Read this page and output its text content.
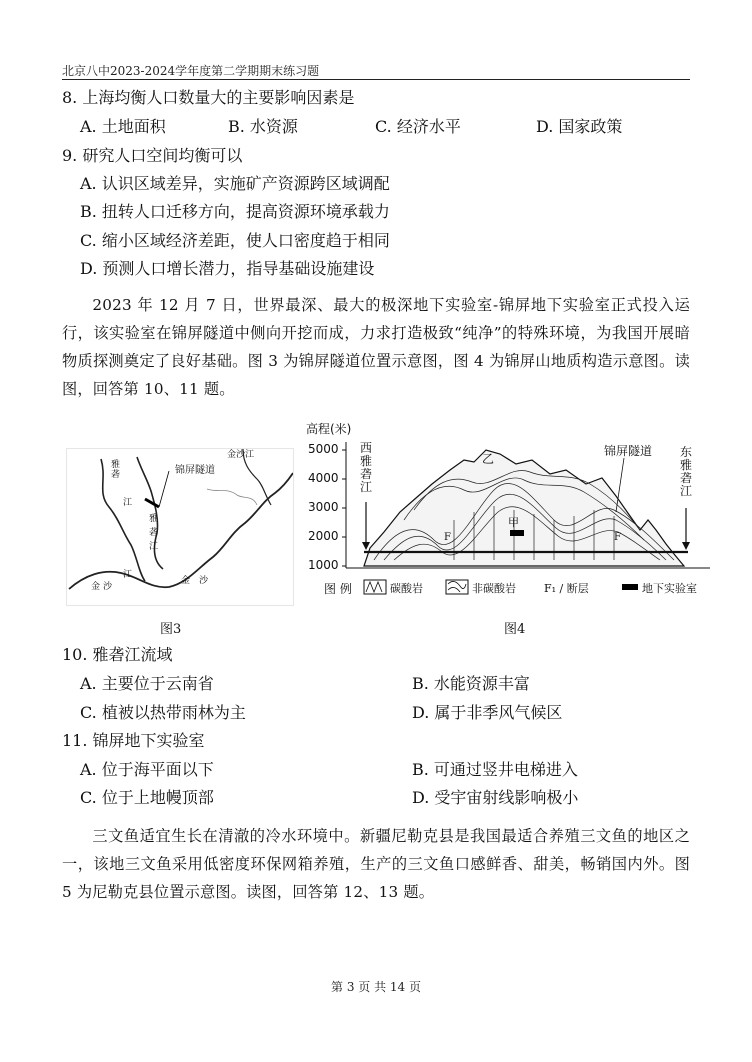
北京八中2023-2024学年度第二学期期末练习题
8. 上海均衡人口数量大的主要影响因素是
A. 土地面积	B. 水资源	C. 经济水平	D. 国家政策
9. 研究人口空间均衡可以
A. 认识区域差异，实施矿产资源跨区域调配
B. 扭转人口迁移方向，提高资源环境承载力
C. 缩小区域经济差距，使人口密度趋于相同
D. 预测人口增长潜力，指导基础设施建设

2023 年 12 月 7 日，世界最深、最大的极深地下实验室-锦屏地下实验室正式投入运行，该实验室在锦屏隧道中侧向开挖而成，力求打造极致“纯净”的特殊环境，为我国开展暗物质探测奠定了良好基础。图 3 为锦屏隧道位置示意图，图 4 为锦屏山地质构造示意图。读图，回答第 10、11 题。

锦屏隧道
雅
砻
江
金沙江
雅
砻
江
金 沙
江
金 沙
图3
高程(米)
5000
4000
3000
2000
1000
西
雅
砻
江
东
雅
砻
江
乙
甲
锦屏隧道
F	F
图 例	碳酸岩	非碳酸岩	F₁ / 断层	地下实验室
图4
10. 雅砻江流域
A. 主要位于云南省	B. 水能资源丰富
C. 植被以热带雨林为主	D. 属于非季风气候区
11. 锦屏地下实验室
A. 位于海平面以下	B. 可通过竖井电梯进入
C. 位于上地幔顶部	D. 受宇宙射线影响极小

三文鱼适宜生长在清澈的冷水环境中。新疆尼勒克县是我国最适合养殖三文鱼的地区之一，该地三文鱼采用低密度环保网箱养殖，生产的三文鱼口感鲜香、甜美，畅销国内外。图 5 为尼勒克县位置示意图。读图，回答第 12、13 题。

第 3 页 共 14 页
